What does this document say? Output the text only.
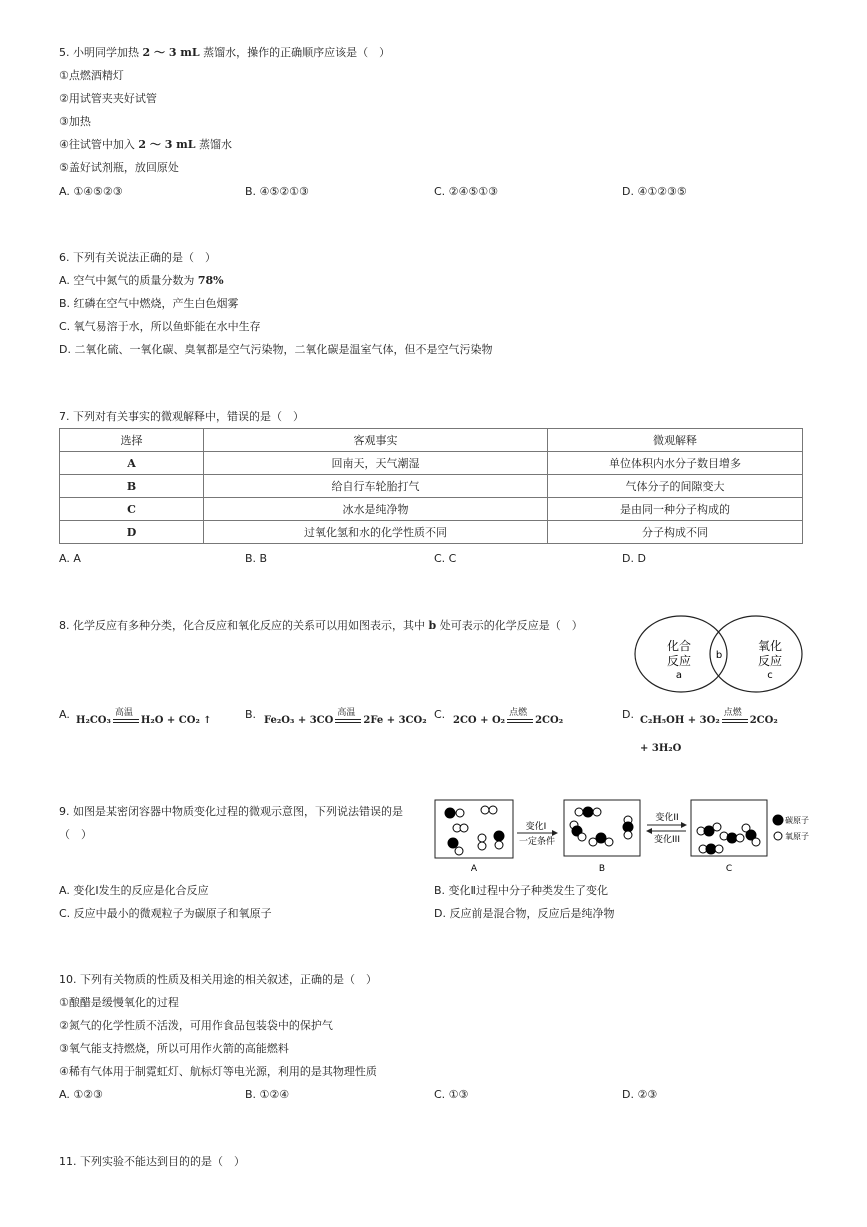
5. 小明同学加热 2 ～ 3 mL 蒸馏水，操作的正确顺序应该是（　）
①点燃酒精灯
②用试管夹夹好试管
③加热
④往试管中加入 2 ～ 3 mL 蒸馏水
⑤盖好试剂瓶，放回原处
A. ①④⑤②③	B. ④⑤②①③	C. ②④⑤①③	D. ④①②③⑤
6. 下列有关说法正确的是（　）
A. 空气中氮气的质量分数为 78%
B. 红磷在空气中燃烧，产生白色烟雾
C. 氧气易溶于水，所以鱼虾能在水中生存
D. 二氧化硫、一氧化碳、臭氧都是空气污染物，二氧化碳是温室气体，但不是空气污染物
7. 下列对有关事实的微观解释中，错误的是（　）
选择	客观事实	微观解释
A	回南天，天气潮湿	单位体积内水分子数目增多
B	给自行车轮胎打气	气体分子的间隙变大
C	冰水是纯净物	是由同一种分子构成的
D	过氧化氢和水的化学性质不同	分子构成不同
A. A	B. B	C. C	D. D
8. 化学反应有多种分类，化合反应和氧化反应的关系可以用如图表示，其中 b 处可表示的化学反应是（　）
化合
反应
a
b
氧化
反应
c
A. H₂CO₃
高温
H₂O + CO₂ ↑	B. Fe₂O₃ + 3CO
高温
2Fe + 3CO₂ C. 2CO + O₂
点燃
2CO₂	D. C₂H₅OH + 3O₂
点燃
2CO₂
+ 3H₂O
9. 如图是某密闭容器中物质变化过程的微观示意图，下列说法错误的是
（　）
A
变化I
一定条件
B
变化II
变化III
C
碳原子
氧原子
A. 变化Ⅰ发生的反应是化合反应	B. 变化Ⅱ过程中分子种类发生了变化
C. 反应中最小的微观粒子为碳原子和氧原子	D. 反应前是混合物，反应后是纯净物
10. 下列有关物质的性质及相关用途的相关叙述，正确的是（　）
①酿醋是缓慢氧化的过程
②氮气的化学性质不活泼，可用作食品包装袋中的保护气
③氧气能支持燃烧，所以可用作火箭的高能燃料
④稀有气体用于制霓虹灯、航标灯等电光源，利用的是其物理性质
A. ①②③	B. ①②④	C. ①③	D. ②③
11. 下列实验不能达到目的的是（　）
